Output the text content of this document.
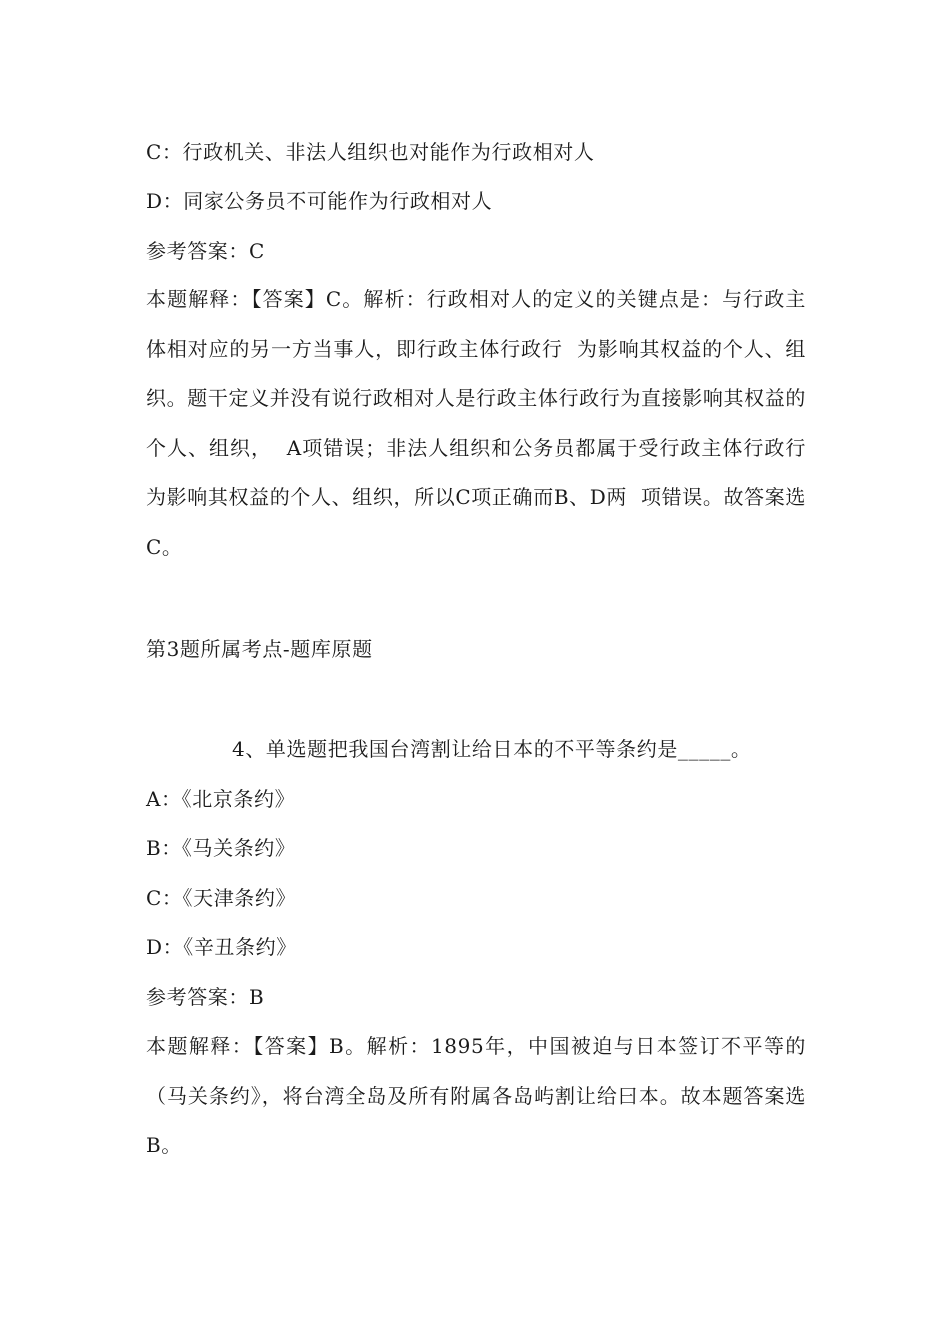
C：行政机关、非法人组织也对能作为行政相对人
D：同家公务员不可能作为行政相对人
参考答案：C
本题解释：【答案】C。解析：行政相对人的定义的关键点是：与行政主体相对应的另一方当事人，即行政主体行政行  为影响其权益的个人、组织。题干定义并没有说行政相对人是行政主体行政行为直接影响其权益的个人、组织，  A项错误；非法人组织和公务员都属于受行政主体行政行为影响其权益的个人、组织，所以C项正确而B、D两  项错误。故答案选C。
第3题所属考点-题库原题
4、单选题把我国台湾割让给日本的不平等条约是_____。
A：《北京条约》
B：《马关条约》
C：《天津条约》
D：《辛丑条约》
参考答案：B
本题解释：【答案】B。解析：1895年，中国被迫与日本签订不平等的（马关条约》，将台湾全岛及所有附属各岛屿割让给曰本。故本题答案选B。
